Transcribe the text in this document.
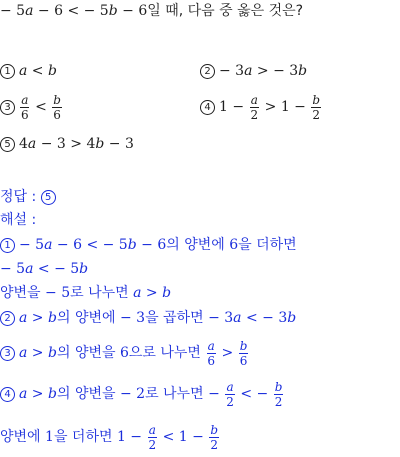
− 5a − 6 < − 5b − 6일 때, 다음 중 옳은 것은?
1 a < b	2 − 3a > − 3b
$3 \frac{a}{6} < \frac{b}{6}$	4 $1 - \frac{a}{2} > 1 - \frac{b}{2}$
5 4a − 3 > 4b − 3
정답 : 5
해설 :
1 − 5a − 6 < − 5b − 6의 양변에 6을 더하면
− 5a < − 5b
양변을 − 5로 나누면 a > b
2 a > b의 양변에 − 3을 곱하면 − 3a < − 3b
3 a > b의 양변을 6으로 나누면 $\frac{a}{6} > \frac{b}{6}$
4 a > b의 양변을 − 2로 나누면 − $\frac{a}{2}$ < − $\frac{b}{2}$
양변에 1을 더하면 $1 - \frac{a}{2} < 1 - \frac{b}{2}$
